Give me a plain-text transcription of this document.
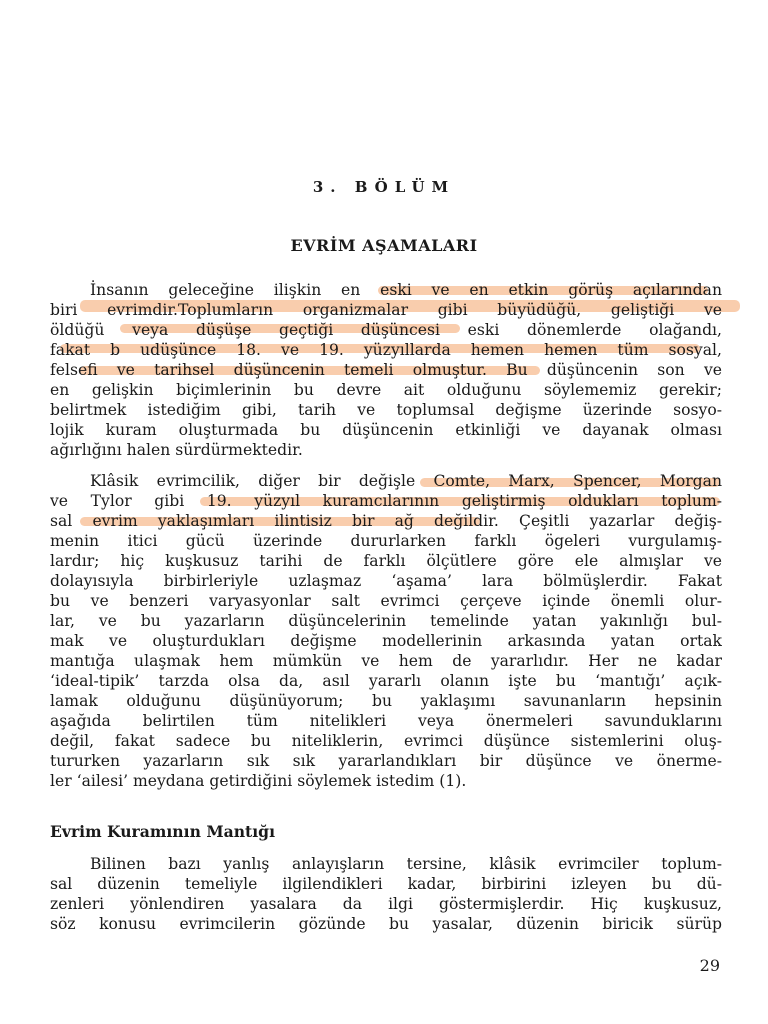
3. BÖLÜM
EVRİM AŞAMALARI
İnsanın geleceğine ilişkin en eski ve en etkin görüş açılarından
biri evrimdir.Toplumların organizmalar gibi büyüdüğü, geliştiği ve
öldüğü veya düşüşe geçtiği düşüncesi eski dönemlerde olağandı,
fakat b udüşünce 18. ve 19. yüzyıllarda hemen hemen tüm sosyal,
felsefi ve tarihsel düşüncenin temeli olmuştur. Bu düşüncenin son ve
en gelişkin biçimlerinin bu devre ait olduğunu söylememiz gerekir;
belirtmek istediğim gibi, tarih ve toplumsal değişme üzerinde sosyo-
lojik kuram oluşturmada bu düşüncenin etkinliği ve dayanak olması
ağırlığını halen sürdürmektedir.
Klâsik evrimcilik, diğer bir değişle Comte, Marx, Spencer, Morgan
ve Tylor gibi 19. yüzyıl kuramcılarının geliştirmiş oldukları toplum-
sal evrim yaklaşımları ilintisiz bir ağ değildir. Çeşitli yazarlar değiş-
menin itici gücü üzerinde dururlarken farklı ögeleri vurgulamış-
lardır; hiç kuşkusuz tarihi de farklı ölçütlere göre ele almışlar ve
dolayısıyla birbirleriyle uzlaşmaz ‘aşama’ lara bölmüşlerdir. Fakat
bu ve benzeri varyasyonlar salt evrimci çerçeve içinde önemli olur-
lar, ve bu yazarların düşüncelerinin temelinde yatan yakınlığı bul-
mak ve oluşturdukları değişme modellerinin arkasında yatan ortak
mantığa ulaşmak hem mümkün ve hem de yararlıdır. Her ne kadar
‘ideal-tipik’ tarzda olsa da, asıl yararlı olanın işte bu ‘mantığı’ açık-
lamak olduğunu düşünüyorum; bu yaklaşımı savunanların hepsinin
aşağıda belirtilen tüm nitelikleri veya önermeleri savunduklarını
değil, fakat sadece bu niteliklerin, evrimci düşünce sistemlerini oluş-
tururken yazarların sık sık yararlandıkları bir düşünce ve önerme-
ler ‘ailesi’ meydana getirdiğini söylemek istedim (1).
Evrim Kuramının Mantığı
Bilinen bazı yanlış anlayışların tersine, klâsik evrimciler toplum-
sal düzenin temeliyle ilgilendikleri kadar, birbirini izleyen bu dü-
zenleri yönlendiren yasalara da ilgi göstermişlerdir. Hiç kuşkusuz,
söz konusu evrimcilerin gözünde bu yasalar, düzenin biricik sürüp
29
